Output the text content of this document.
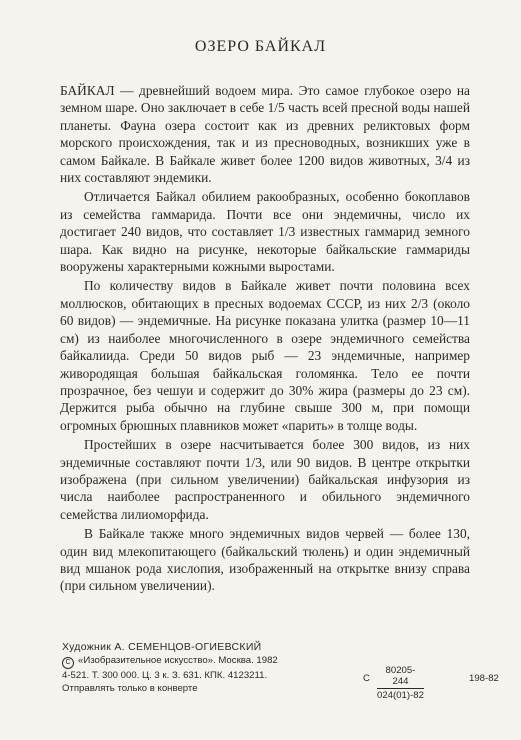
ОЗЕРО БАЙКАЛ

БАЙКАЛ — древнейший водоем мира. Это самое глубокое озеро на земном шаре. Оно заключает в себе 1/5 часть всей пресной воды нашей планеты. Фауна озера состоит как из древних реликтовых форм морского происхождения, так и из пресноводных, возникших уже в самом Байкале. В Байкале живет более 1200 видов животных, 3/4 из них составляют эндемики.

Отличается Байкал обилием ракообразных, особенно бокоплавов из семейства гаммарида. Почти все они эндемичны, число их достигает 240 видов, что составляет 1/3 известных гаммарид земного шара. Как видно на рисунке, некоторые байкальские гаммариды вооружены характерными кожными выростами.

По количеству видов в Байкале живет почти половина всех моллюсков, обитающих в пресных водоемах СССР, из них 2/3 (около 60 видов) — эндемичные. На рисунке показана улитка (размер 10—11 см) из наиболее многочисленного в озере эндемичного семейства байкалиида. Среди 50 видов рыб — 23 эндемичные, например живородящая большая байкальская голомянка. Тело ее почти прозрачное, без чешуи и содержит до 30% жира (размеры до 23 см). Держится рыба обычно на глубине свыше 300 м, при помощи огромных брюшных плавников может «парить» в толще воды.

Простейших в озере насчитывается более 300 видов, из них эндемичные составляют почти 1/3, или 90 видов. В центре открытки изображена (при сильном увеличении) байкальская инфузория из числа наиболее распространенного и обильного эндемичного семейства лилиоморфида.

В Байкале также много эндемичных видов червей — более 130, один вид млекопитающего (байкальский тюлень) и один эндемичный вид мшанок рода хислопия, изображенный на открытке внизу справа (при сильном увеличении).

Художник А. СЕМЕНЦОВ-ОГИЕВСКИЙ
С «Изобразительное искусство». Москва. 1982
4-521. Т. 300 000. Ц. 3 к. З. 631. КПК. 4123211.
Отправлять только в конверте
С $\frac{80205-244}{024(01)-82}$	198-82
